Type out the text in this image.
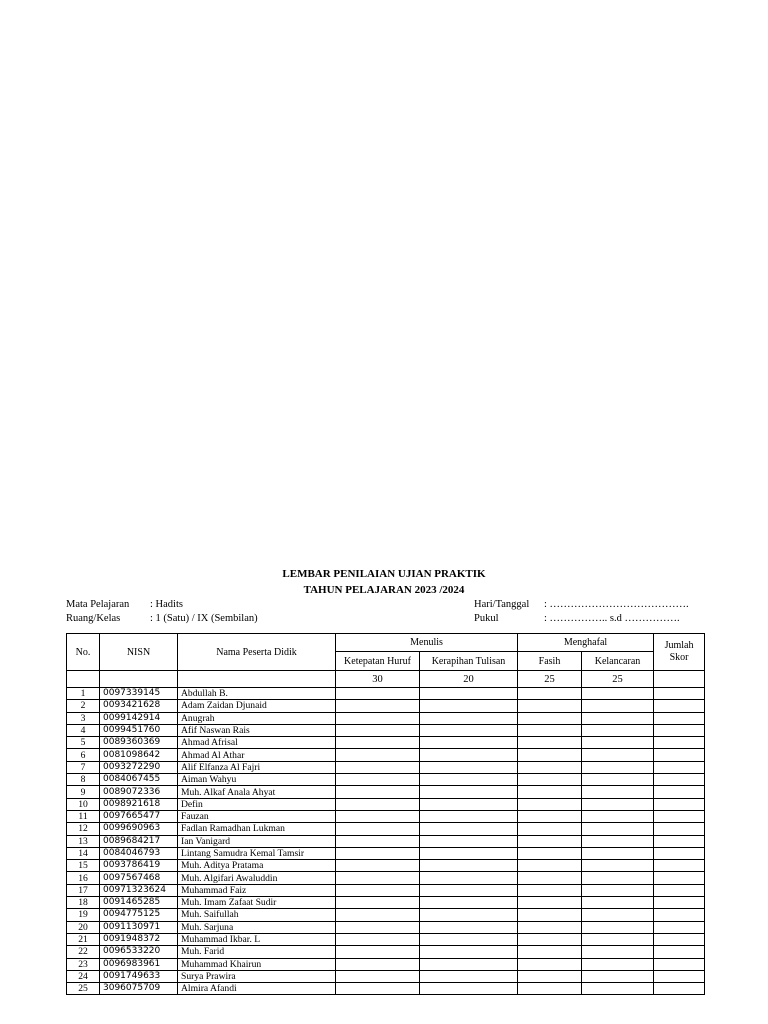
LEMBAR PENILAIAN UJIAN PRAKTIK
TAHUN PELAJARAN 2023 /2024
Mata Pelajaran : Hadits
Ruang/Kelas	: 1 (Satu) / IX (Sembilan)
Hari/Tanggal : ………………………………….
Pukul	: …………….. s.d …………….
No.	NISN	Nama Peserta Didik	Menulis		Menghafal		Jumlah Skor
			Ketepatan Huruf	Kerapihan Tulisan	Fasih	Kelancaran	
			30	20	25	25	
1	0097339145	Abdullah B.					
2	0093421628	Adam Zaidan Djunaid					
3	0099142914	Anugrah					
4	0099451760	Afif Naswan Rais					
5	0089360369	Ahmad Afrisal					
6	0081098642	Ahmad Al Athar					
7	0093272290	Alif Elfanza Al Fajri					
8	0084067455	Aiman Wahyu					
9	0089072336	Muh. Alkaf Anala Ahyat					
10	0098921618	Defin					
11	0097665477	Fauzan					
12	0099690963	Fadlan Ramadhan Lukman					
13	0089684217	Ian Vanigard					
14	0084046793	Lintang Samudra Kemal Tamsir					
15	0093786419	Muh. Aditya Pratama					
16	0097567468	Muh. Algifari Awaluddin					
17	00971323624	Muhammad Faiz					
18	0091465285	Muh. Imam Zafaat Sudir					
19	0094775125	Muh. Saifullah					
20	0091130971	Muh. Sarjuna					
21	0091948372	Muhammad Ikbar. L					
22	0096533220	Muh. Farid					
23	0096983961	Muhammad Khairun					
24	0091749633	Surya Prawira					
25	3096075709	Almira Afandi					
